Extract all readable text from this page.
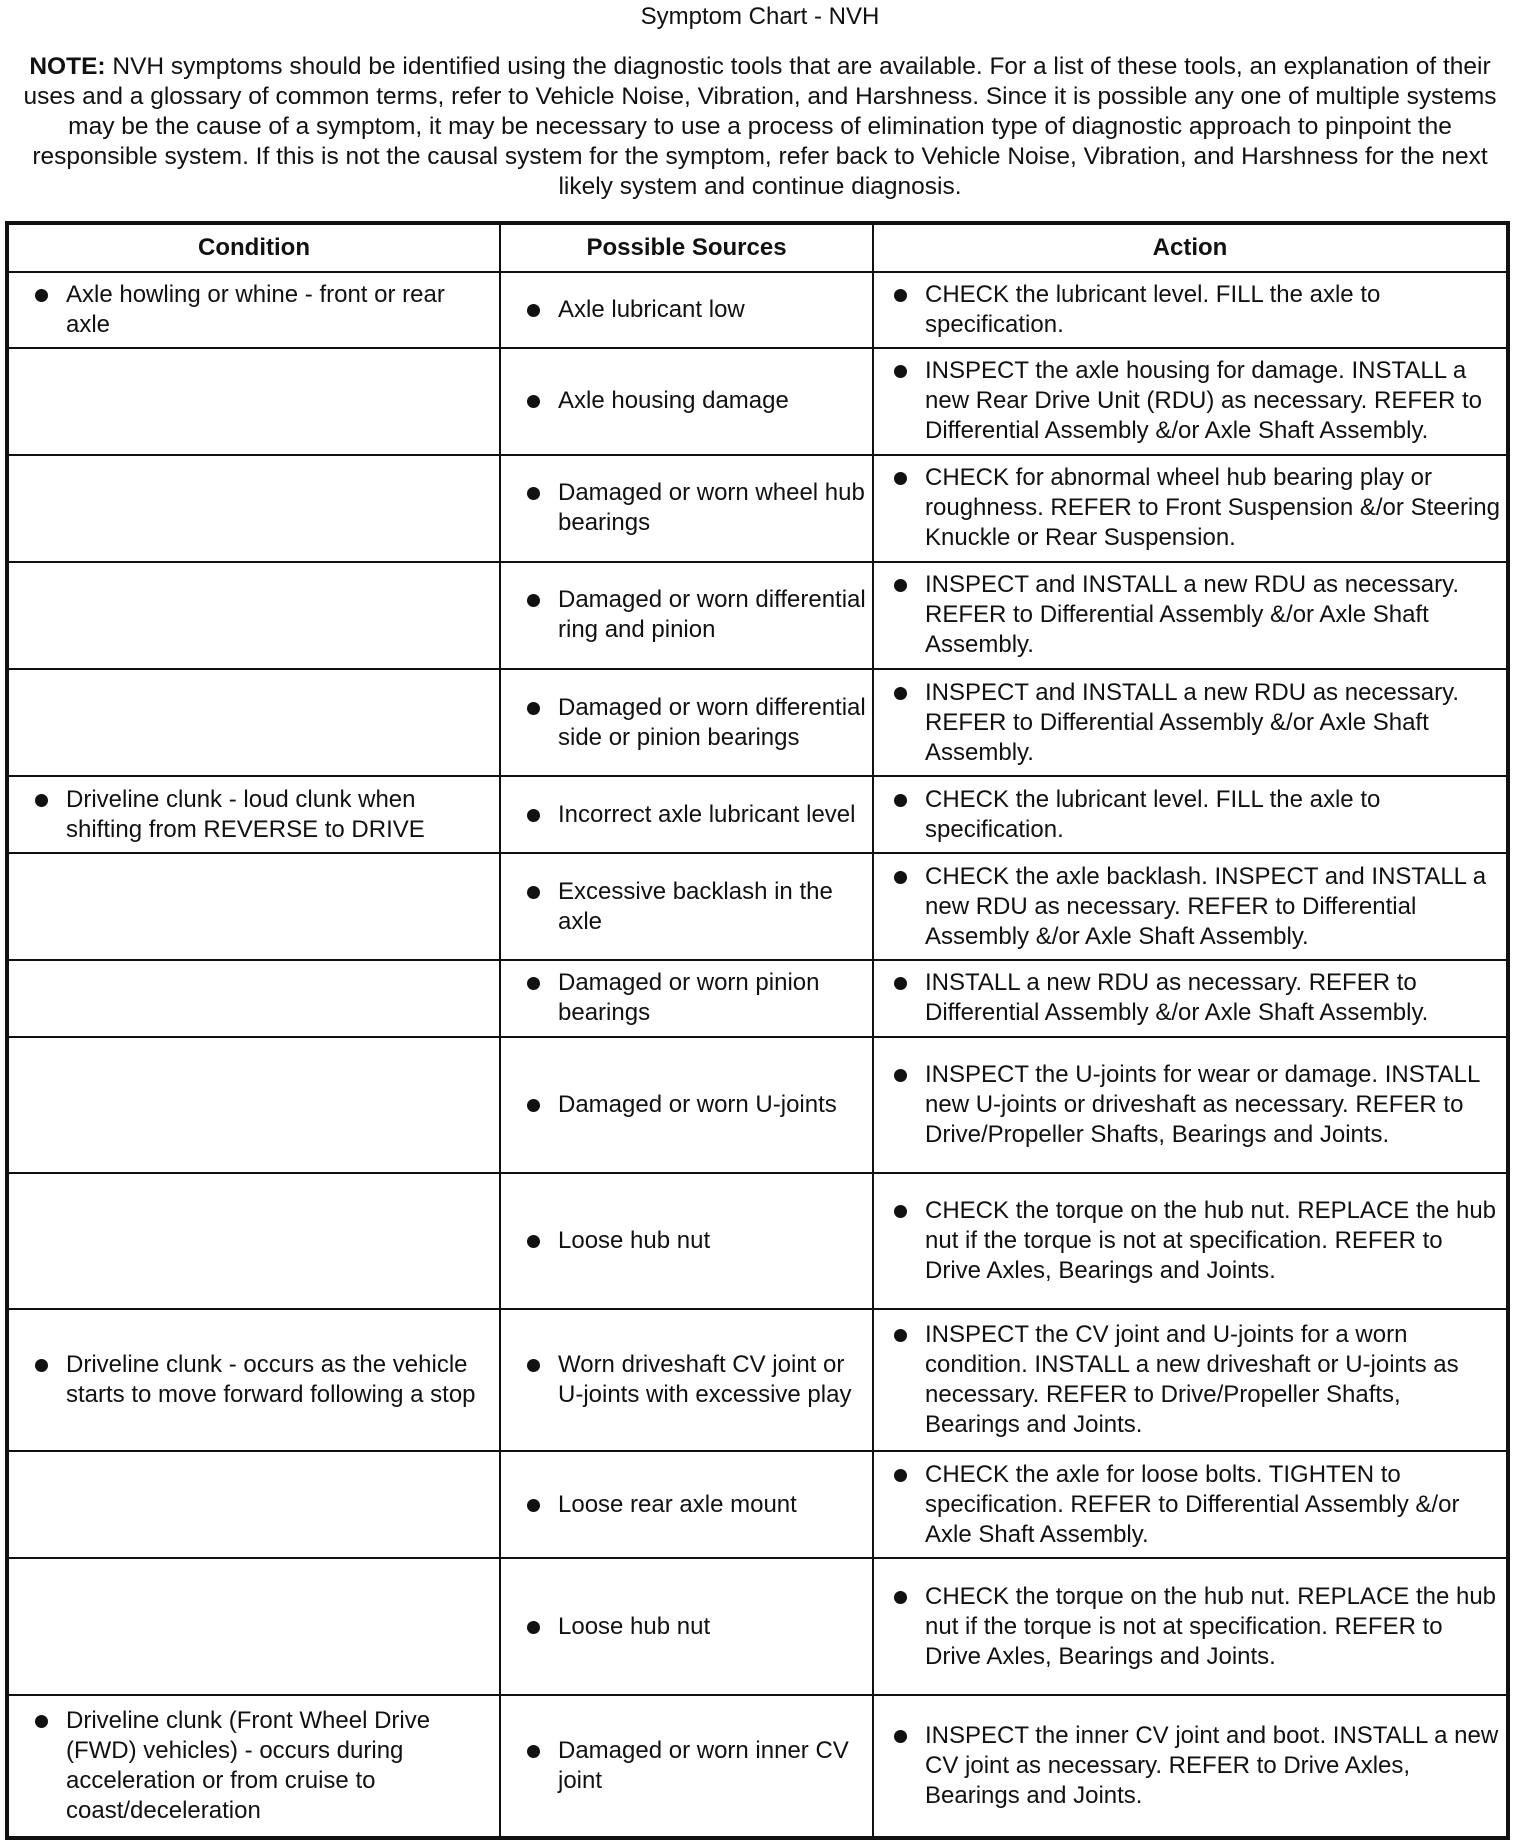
Symptom Chart - NVH
NOTE: NVH symptoms should be identified using the diagnostic tools that are available. For a list of these tools, an explanation of their uses and a glossary of common terms, refer to Vehicle Noise, Vibration, and Harshness. Since it is possible any one of multiple systems may be the cause of a symptom, it may be necessary to use a process of elimination type of diagnostic approach to pinpoint the responsible system. If this is not the causal system for the symptom, refer back to Vehicle Noise, Vibration, and Harshness for the next likely system and continue diagnosis.
Condition	Possible Sources	Action

Axle howling or whine - front or rear axle	Axle lubricant low	CHECK the lubricant level. FILL the axle to specification.

	Axle housing damage	INSPECT the axle housing for damage. INSTALL a new Rear Drive Unit (RDU) as necessary. REFER to Differential Assembly &/or Axle Shaft Assembly.

	Damaged or worn wheel hub bearings	CHECK for abnormal wheel hub bearing play or roughness. REFER to Front Suspension &/or Steering Knuckle or Rear Suspension.

	Damaged or worn differential ring and pinion	INSPECT and INSTALL a new RDU as necessary. REFER to Differential Assembly &/or Axle Shaft Assembly.

	Damaged or worn differential side or pinion bearings	INSPECT and INSTALL a new RDU as necessary. REFER to Differential Assembly &/or Axle Shaft Assembly.

Driveline clunk - loud clunk when shifting from REVERSE to DRIVE	Incorrect axle lubricant level	CHECK the lubricant level. FILL the axle to specification.

	Excessive backlash in the axle	CHECK the axle backlash. INSPECT and INSTALL a new RDU as necessary. REFER to Differential Assembly &/or Axle Shaft Assembly.

	Damaged or worn pinion bearings	INSTALL a new RDU as necessary. REFER to Differential Assembly &/or Axle Shaft Assembly.

	Damaged or worn U-joints	INSPECT the U-joints for wear or damage. INSTALL new U-joints or driveshaft as necessary. REFER to Drive/Propeller Shafts, Bearings and Joints.

	Loose hub nut	CHECK the torque on the hub nut. REPLACE the hub nut if the torque is not at specification. REFER to Drive Axles, Bearings and Joints.

Driveline clunk - occurs as the vehicle starts to move forward following a stop	Worn driveshaft CV joint or U-joints with excessive play	INSPECT the CV joint and U-joints for a worn condition. INSTALL a new driveshaft or U-joints as necessary. REFER to Drive/Propeller Shafts, Bearings and Joints.

	Loose rear axle mount	CHECK the axle for loose bolts. TIGHTEN to specification. REFER to Differential Assembly &/or Axle Shaft Assembly.

	Loose hub nut	CHECK the torque on the hub nut. REPLACE the hub nut if the torque is not at specification. REFER to Drive Axles, Bearings and Joints.

Driveline clunk (Front Wheel Drive (FWD) vehicles) - occurs during acceleration or from cruise to coast/deceleration	Damaged or worn inner CV joint	INSPECT the inner CV joint and boot. INSTALL a new CV joint as necessary. REFER to Drive Axles, Bearings and Joints.
